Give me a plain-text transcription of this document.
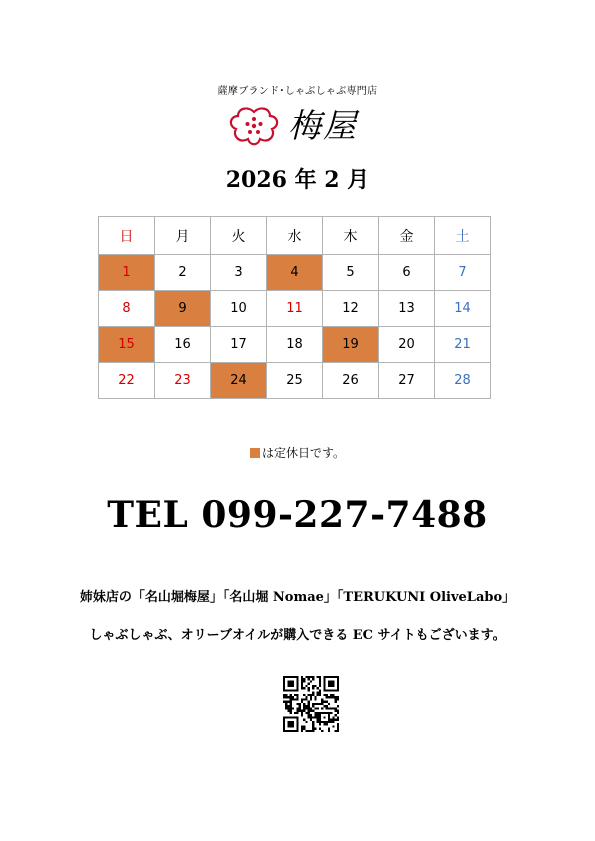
薩摩ブランド･しゃぶしゃぶ専門店
梅屋
2026 年 2 月
日	月	火	水	木	金	土
1	2	3	4	5	6	7
8	9	10	11	12	13	14
15	16	17	18	19	20	21
22	23	24	25	26	27	28
は定休日です。
TEL 099-227-7488
姉妹店の「名山堀梅屋」「名山堀 Nomae」「TERUKUNI OliveLabo」
しゃぶしゃぶ、オリーブオイルが購入できる EC サイトもございます。
